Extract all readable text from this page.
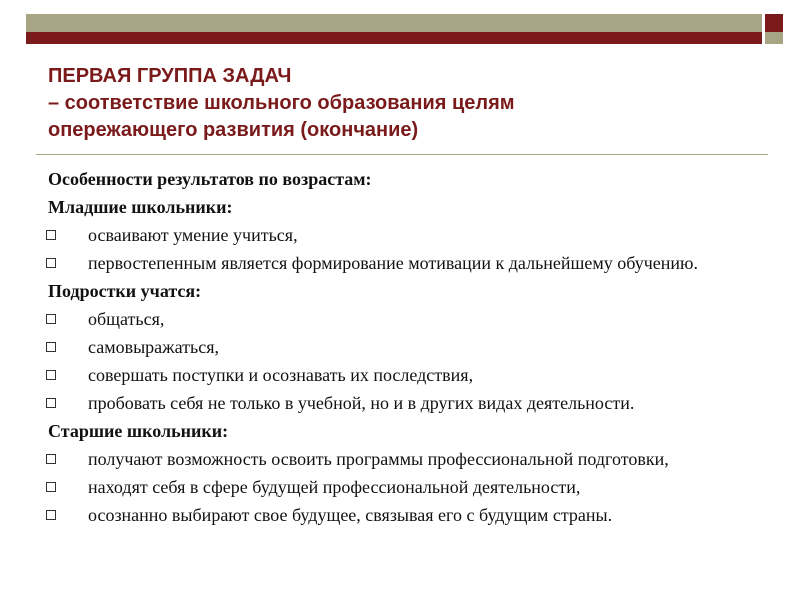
ПЕРВАЯ ГРУППА ЗАДАЧ
– соответствие школьного образования целям
опережающего развития (окончание)

Особенности результатов по возрастам:

Младшие школьники:

осваивают умение учиться,
первостепенным является формирование мотивации к дальнейшему обучению.

Подростки учатся:

общаться,
самовыражаться,
совершать поступки и осознавать их последствия,
пробовать себя не только в учебной, но и в других видах деятельности.

Старшие школьники:

получают возможность освоить программы профессиональной подготовки,
находят себя в сфере будущей профессиональной деятельности,
осознанно выбирают свое будущее, связывая его с будущим страны.
